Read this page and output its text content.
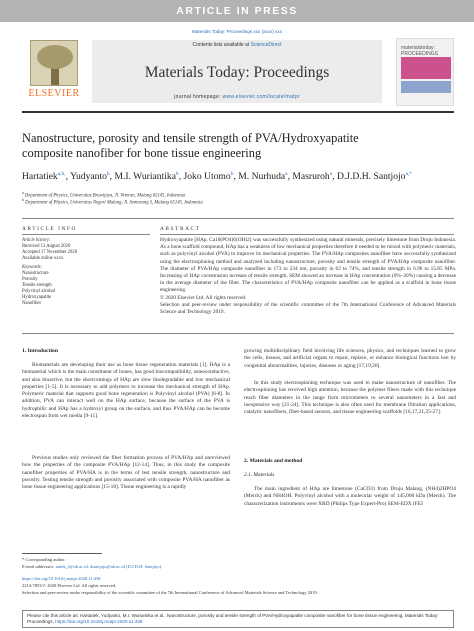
ARTICLE IN PRESS
Materials Today: Proceedings xxx (xxxx) xxx
ELSEVIER
Contents lists available at ScienceDirect
Materials Today: Proceedings
journal homepage: www.elsevier.com/locate/matpr
materialstoday: PROCEEDINGS
Nanostructure, porosity and tensile strength of PVA/Hydroxyapatite
composite nanofiber for bone tissue engineering
Hartatiek$^{a,b,}$, Yudyanto$^b$, M.I. Wuriantika$^b$, Joko Utomo$^b$, M. Nurhuda$^a$, Masruroh$^a$, D.J.D.H. Santjojo$^{a,*}$
$^a$ Department of Physics, Universitas Brawijaya, Jl. Veteran, Malang 65145, Indonesia
$^b$ Department of Physics, Universitas Negeri Malang, Jl. Semarang 5, Malang 65145, Indonesia
ARTICLE INFO	ABSTRACT
Article history:
Received 13 August 2020
Accepted 17 November 2020
Available online xxxx
Keywords:
Nanostructure
Porosity
Tensile strength
Polyvinyl alcohol
Hydroxyapatite
Nanofiber

Hydroxyapatite [HAp, Ca10(PO4)6(OH)2] was successfully synthesized using natural minerals, precisely limestone from Druju Indonesia. As a bone scaffold compound, HAp has a weakness of low mechanical properties therefore it needed to be mixed with polymeric materials, such as polyvinyl alcohol (PVA) to improve its mechanical properties. The PVA/HAp composites nanofiber have successfully synthesized using the electrospinning method and analyzed including nanostructure, porosity and tensile strength of PVA/HAp composite nanofiber. The diameter of PVA/HAp composite nanofiber in 173 to 234 nm, porosity in 62 to 74%, and tensile strength in 6.96 to 15.85 MPa. Increasing of HAp cocentrasion increase of tensile strength, SEM showed an increase in HAp concentration (0%–20%) causing a decrease in the average diameter of the fiber. The characteristics of PVA/HAp composite nanofiber can be applied as a scaffold in bone tissue engineering.

© 2020 Elsevier Ltd. All rights reserved.

Selection and peer-review under responsibility of the scientific committee of the 7th International Conference of Advanced Materials Science and Technology 2019.

1. Introduction
Biomaterials are developing their use as bone tissue regeneration materials [1]. HAp is a biomaterial which is the main constituent of bones, has good biocompatibility, osteoconductive, and also bioactive, but the shortcomings of HAp are slow biodegradable and low mechanical properties [1-5]. It is necessary to add polymers to increase the mechanical strength of HAp. Polymeric material that supports good bone regeneration is Polyvinyl alcohol (PVA) [6-8]. In addition, PVA can interact well on the HAp surface, because the surface of the PVA is hydrophilic and HAp has a hydroxyl group on the surface, and thus PVA/HAp can be become electrospun from wet media [9-11].
Previous studies only reviewed the fiber formation process of PVA/HAp and unreviewed how the properties of the composite PVA/HAp [12-14]. Thus, in this study the composite nanofiber properties of PVA/HA is in the terms of test tensile strength, nanostructure and porosity. Testing tensile strength and porosity associated with composite PVA/HA nanofiber as bone tissue engineering applications [15-18]. Tissue engineering is a rapidly
growing multidisciplinary field involving life sciences, physics, and techniques learned to grow the cells, tissues, and artificial organs to repair, replace, or enhance biological functions lost by congenital abnormalities, injuries, diseases or aging [17,19,20].
In this study electrospinning technique was used to make nanostructure of nanofiber. The electrospinning has received high attention, because the polymer fibers made with this technique reach fiber diameters in the range from micrometers to several nanometers in a fast and inexpensive way [21-24]. This technique is also often used for membrane filtration applications, catalytic nanofibers, fiber-based sensors, and tissue engineering scaffolds [16,17,21,25-27].
2. Materials and method
2.1. Materials
The main ingredient of HAp are limestone (CaCO3) from Druju Malang, (NH4)2HPO4 (Merck) and NH4OH. Polyvinyl alcohol with a molecular weight of 145,000 kDa (Merck). The characterization instruments were XRD (Philips Type Expert-Pro) SEM-EDX (FEI
* Corresponding author.
E-mail addresses: tatiek_f@ub.ac.id, dsantjojo@ub.ac.id (D.J.D.H. Santjojo).
https://doi.org/10.1016/j.matpr.2020.11.438
2214-7853/© 2020 Elsevier Ltd. All rights reserved.
Selection and peer-review under responsibility of the scientific committee of the 7th International Conference of Advanced Materials Science and Technology 2019.
Please cite this article as: Hartatiek, Yudyanto, M.I. Wuriantika et al., Nanostructure, porosity and tensile strength of PVA/Hydroxyapatite composite nanofiber for bone tissue engineering, Materials Today: Proceedings, https://doi.org/10.1016/j.matpr.2020.11.438
